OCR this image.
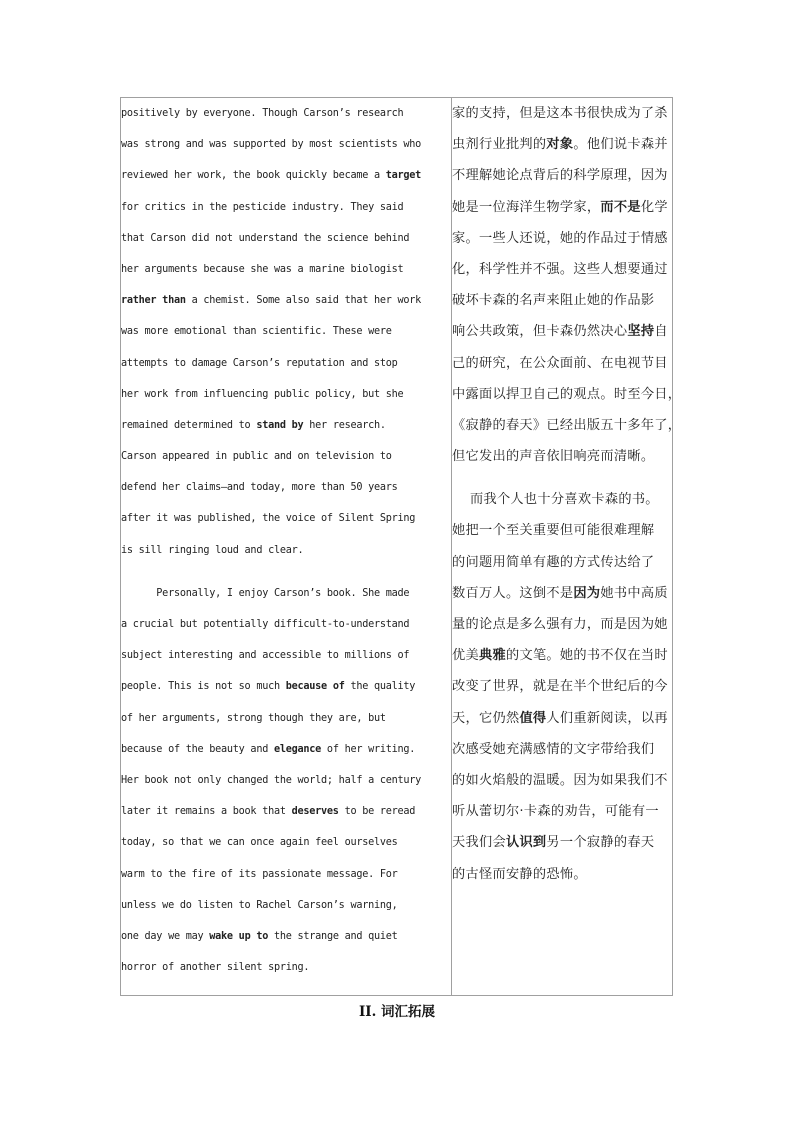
positively by everyone. Though Carson’s research
was strong and was supported by most scientists who
reviewed her work, the book quickly became a target
for critics in the pesticide industry. They said
that Carson did not understand the science behind
her arguments because she was a marine biologist
rather than a chemist. Some also said that her work
was more emotional than scientific. These were
attempts to damage Carson’s reputation and stop
her work from influencing public policy, but she
remained determined to stand by her research.
Carson appeared in public and on television to
defend her claims—and today, more than 50 years
after it was published, the voice of Silent Spring
is sill ringing loud and clear.
Personally, I enjoy Carson’s book. She made
a crucial but potentially difficult-to-understand
subject interesting and accessible to millions of
people. This is not so much because of the quality
of her arguments, strong though they are, but
because of the beauty and elegance of her writing.
Her book not only changed the world; half a century
later it remains a book that deserves to be reread
today, so that we can once again feel ourselves
warm to the fire of its passionate message. For
unless we do listen to Rachel Carson’s warning,
one day we may wake up to the strange and quiet
horror of another silent spring.
家的支持，但是这本书很快成为了杀
虫剂行业批判的对象。他们说卡森并
不理解她论点背后的科学原理，因为
她是一位海洋生物学家，而不是化学
家。一些人还说，她的作品过于情感
化，科学性并不强。这些人想要通过
破坏卡森的名声来阻止她的作品影
响公共政策，但卡森仍然决心坚持自
己的研究，在公众面前、在电视节目
中露面以捍卫自己的观点。时至今日，
《寂静的春天》已经出版五十多年了，
但它发出的声音依旧响亮而清晰。
而我个人也十分喜欢卡森的书。
她把一个至关重要但可能很难理解
的问题用简单有趣的方式传达给了
数百万人。这倒不是因为她书中高质
量的论点是多么强有力，而是因为她
优美典雅的文笔。她的书不仅在当时
改变了世界，就是在半个世纪后的今
天，它仍然值得人们重新阅读，以再
次感受她充满感情的文字带给我们
的如火焰般的温暖。因为如果我们不
听从蕾切尔·卡森的劝告，可能有一
天我们会认识到另一个寂静的春天
的古怪而安静的恐怖。
II. 词汇拓展
